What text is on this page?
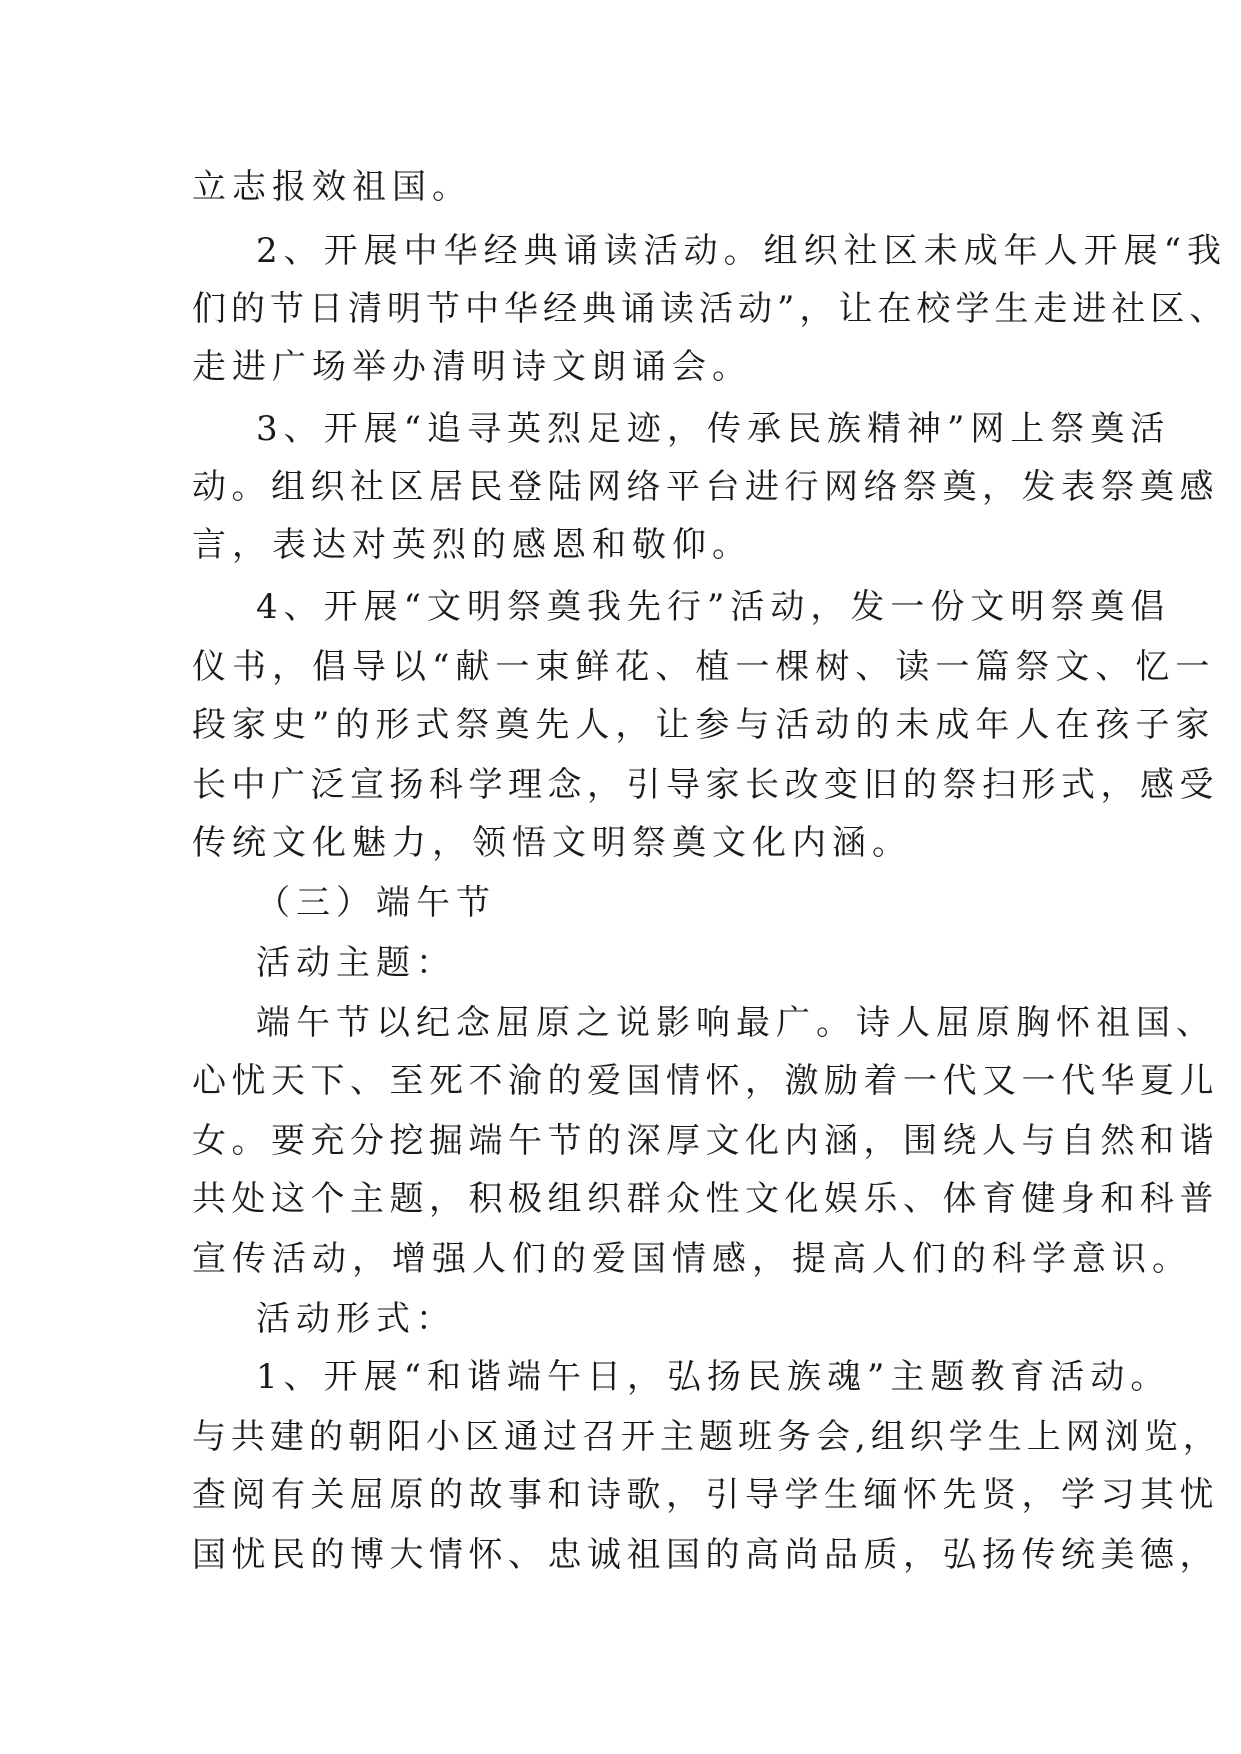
立志报效祖国。
2、开展中华经典诵读活动。组织社区未成年人开展“我
们的节日清明节中华经典诵读活动”，让在校学生走进社区、
走进广场举办清明诗文朗诵会。
3、开展“追寻英烈足迹，传承民族精神”网上祭奠活
动。组织社区居民登陆网络平台进行网络祭奠，发表祭奠感
言，表达对英烈的感恩和敬仰。
4、开展“文明祭奠我先行”活动，发一份文明祭奠倡
仪书，倡导以“献一束鲜花、植一棵树、读一篇祭文、忆一
段家史”的形式祭奠先人，让参与活动的未成年人在孩子家
长中广泛宣扬科学理念，引导家长改变旧的祭扫形式，感受
传统文化魅力，领悟文明祭奠文化内涵。
（三）端午节
活动主题：
端午节以纪念屈原之说影响最广。诗人屈原胸怀祖国、
心忧天下、至死不渝的爱国情怀，激励着一代又一代华夏儿
女。要充分挖掘端午节的深厚文化内涵，围绕人与自然和谐
共处这个主题，积极组织群众性文化娱乐、体育健身和科普
宣传活动，增强人们的爱国情感，提高人们的科学意识。
活动形式：
1、开展“和谐端午日，弘扬民族魂”主题教育活动。
与共建的朝阳小区通过召开主题班务会,组织学生上网浏览，
查阅有关屈原的故事和诗歌，引导学生缅怀先贤，学习其忧
国忧民的博大情怀、忠诚祖国的高尚品质，弘扬传统美德，
